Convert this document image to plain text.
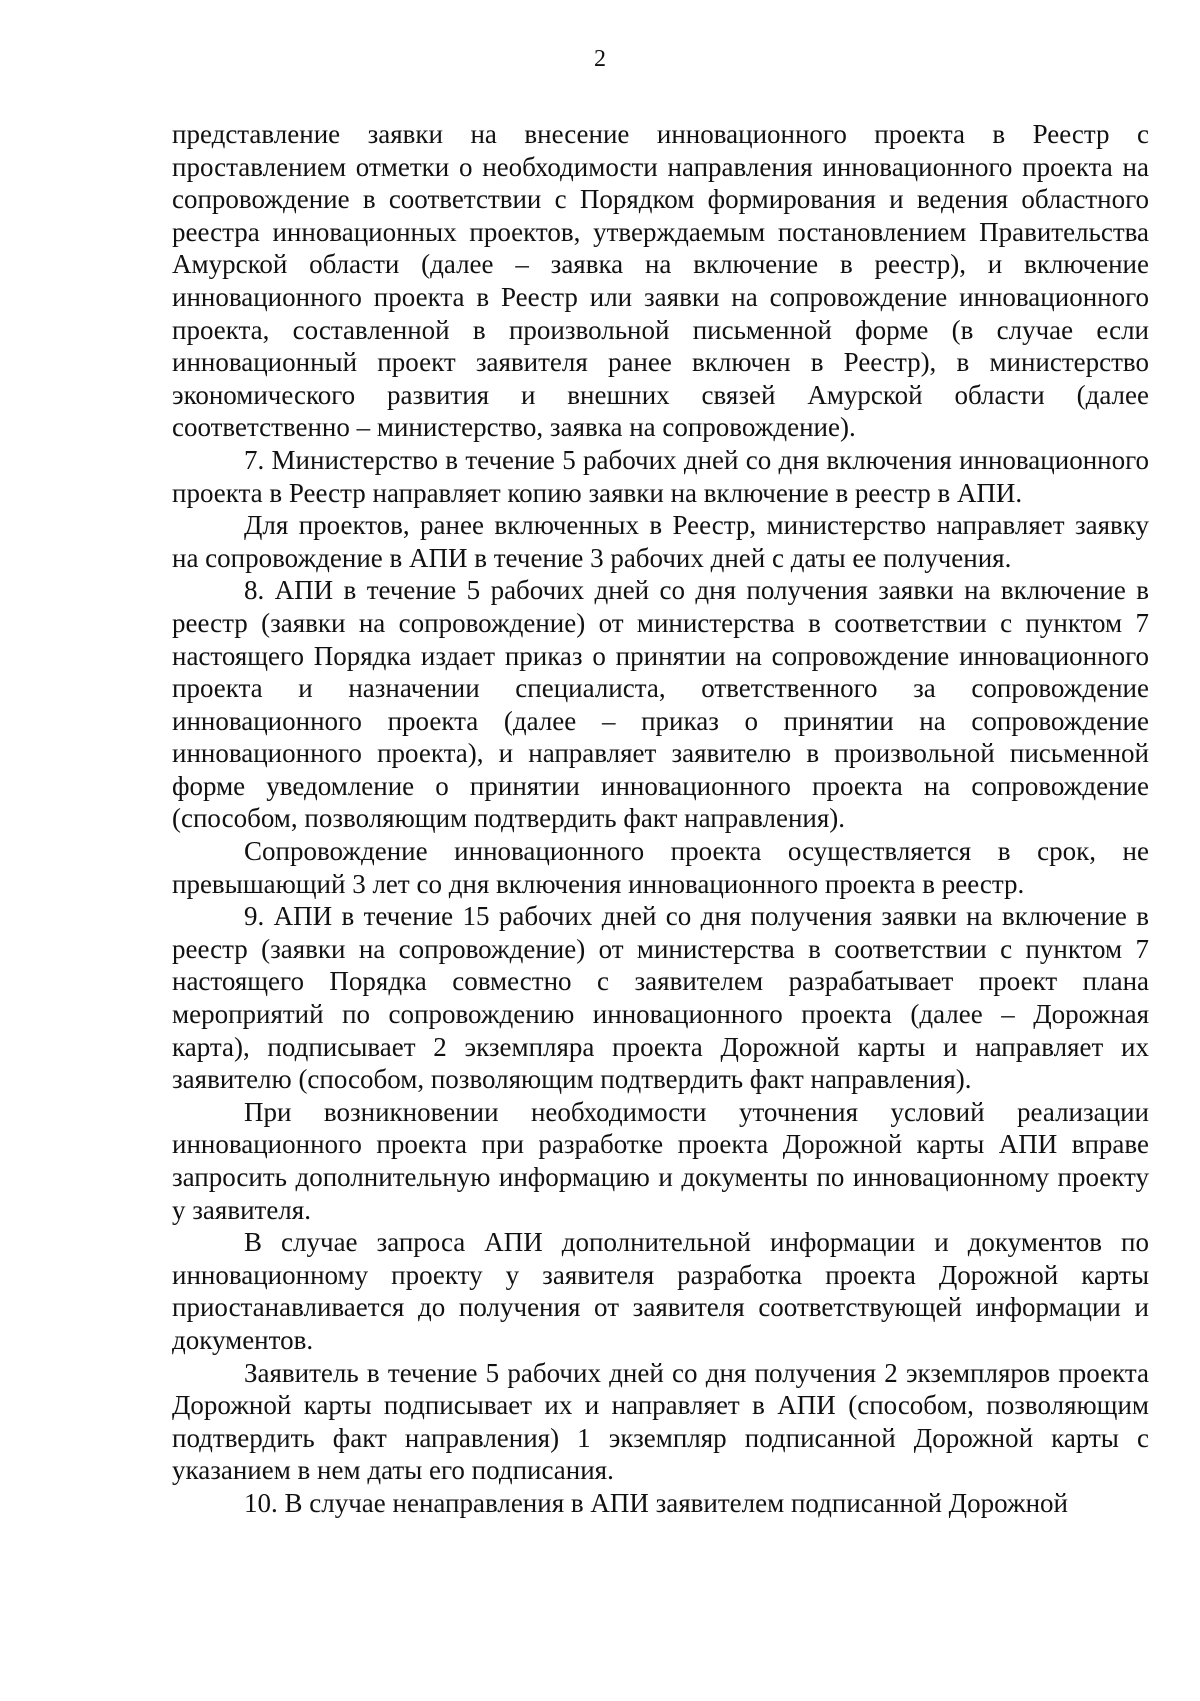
2

представление заявки на внесение инновационного проекта в Реестр с проставлением отметки о необходимости направления инновационного проекта на сопровождение в соответствии с Порядком формирования и ведения областного реестра инновационных проектов, утверждаемым постановлением Правительства Амурской области (далее – заявка на включение в реестр), и включение инновационного проекта в Реестр или заявки на сопровождение инновационного проекта, составленной в произвольной письменной форме (в случае если инновационный проект заявителя ранее включен в Реестр), в министерство экономического развития и внешних связей Амурской области (далее соответственно – министерство, заявка на сопровождение).

7. Министерство в течение 5 рабочих дней со дня включения инновационного проекта в Реестр направляет копию заявки на включение в реестр в АПИ.

Для проектов, ранее включенных в Реестр, министерство направляет заявку на сопровождение в АПИ в течение 3 рабочих дней с даты ее получения.

8. АПИ в течение 5 рабочих дней со дня получения заявки на включение в реестр (заявки на сопровождение) от министерства в соответствии с пунктом 7 настоящего Порядка издает приказ о принятии на сопровождение инновационного проекта и назначении специалиста, ответственного за сопровождение инновационного проекта (далее – приказ о принятии на сопровождение инновационного проекта), и направляет заявителю в произвольной письменной форме уведомление о принятии инновационного проекта на сопровождение (способом, позволяющим подтвердить факт направления).

Сопровождение инновационного проекта осуществляется в срок, не превышающий 3 лет со дня включения инновационного проекта в реестр.

9. АПИ в течение 15 рабочих дней со дня получения заявки на включение в реестр (заявки на сопровождение) от министерства в соответствии с пунктом 7 настоящего Порядка совместно с заявителем разрабатывает проект плана мероприятий по сопровождению инновационного проекта (далее – Дорожная карта), подписывает 2 экземпляра проекта Дорожной карты и направляет их заявителю (способом, позволяющим подтвердить факт направления).

При возникновении необходимости уточнения условий реализации инновационного проекта при разработке проекта Дорожной карты АПИ вправе запросить дополнительную информацию и документы по инновационному проекту у заявителя.

В случае запроса АПИ дополнительной информации и документов по инновационному проекту у заявителя разработка проекта Дорожной карты приостанавливается до получения от заявителя соответствующей информации и документов.

Заявитель в течение 5 рабочих дней со дня получения 2 экземпляров проекта Дорожной карты подписывает их и направляет в АПИ (способом, позволяющим подтвердить факт направления) 1 экземпляр подписанной Дорожной карты с указанием в нем даты его подписания.

10. В случае ненаправления в АПИ заявителем подписанной Дорожной
